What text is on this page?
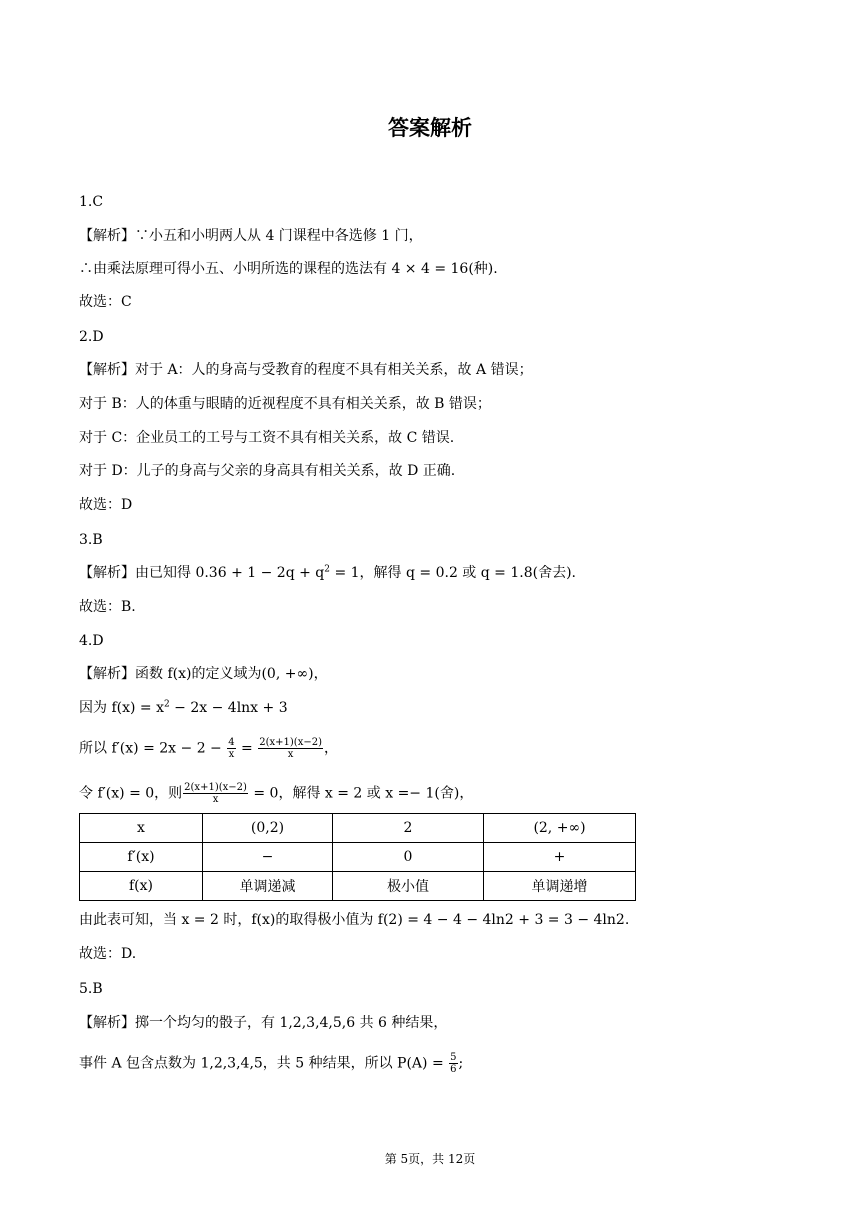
答案解析
1.C
【解析】∵小五和小明两人从 4 门课程中各选修 1 门，
∴由乘法原理可得小五、小明所选的课程的选法有 4 × 4 = 16(种).
故选：C
2.D
【解析】对于 A：人的身高与受教育的程度不具有相关关系，故 A 错误；
对于 B：人的体重与眼睛的近视程度不具有相关关系，故 B 错误；
对于 C：企业员工的工号与工资不具有相关关系，故 C 错误.
对于 D：儿子的身高与父亲的身高具有相关关系，故 D 正确.
故选：D
3.B
【解析】由已知得 $0.36 + 1 - 2q + q^2 = 1$，解得 q = 0.2 或 q = 1.8(舍去).
故选：B.
4.D
【解析】函数 f(x)的定义域为(0, +∞)，
因为 $f(x) = x^2 - 2x - 4\ln x + 3$
所以 $f'(x) = 2x - 2 - \frac{4}{x} = \frac{2(x+1)(x-2)}{x}$ ，
令 f′(x) = 0，则 $\frac{2(x+1)(x-2)}{x} = 0$，解得 x = 2 或 x =− 1(舍)，
x	(0,2)	2	(2, +∞)
f′(x)	−	0	+
f(x)	单调递减	极小值	单调递增
由此表可知，当 x = 2 时，f(x)的取得极小值为 f(2) = 4 − 4 − 4ln2 + 3 = 3 − 4ln2.
故选：D.
5.B
【解析】掷一个均匀的骰子，有 1,2,3,4,5,6 共 6 种结果，
事件 A 包含点数为 1,2,3,4,5，共 5 种结果，所以 $P(A) = \frac{5}{6}$ ;
第 5页，共 12页
